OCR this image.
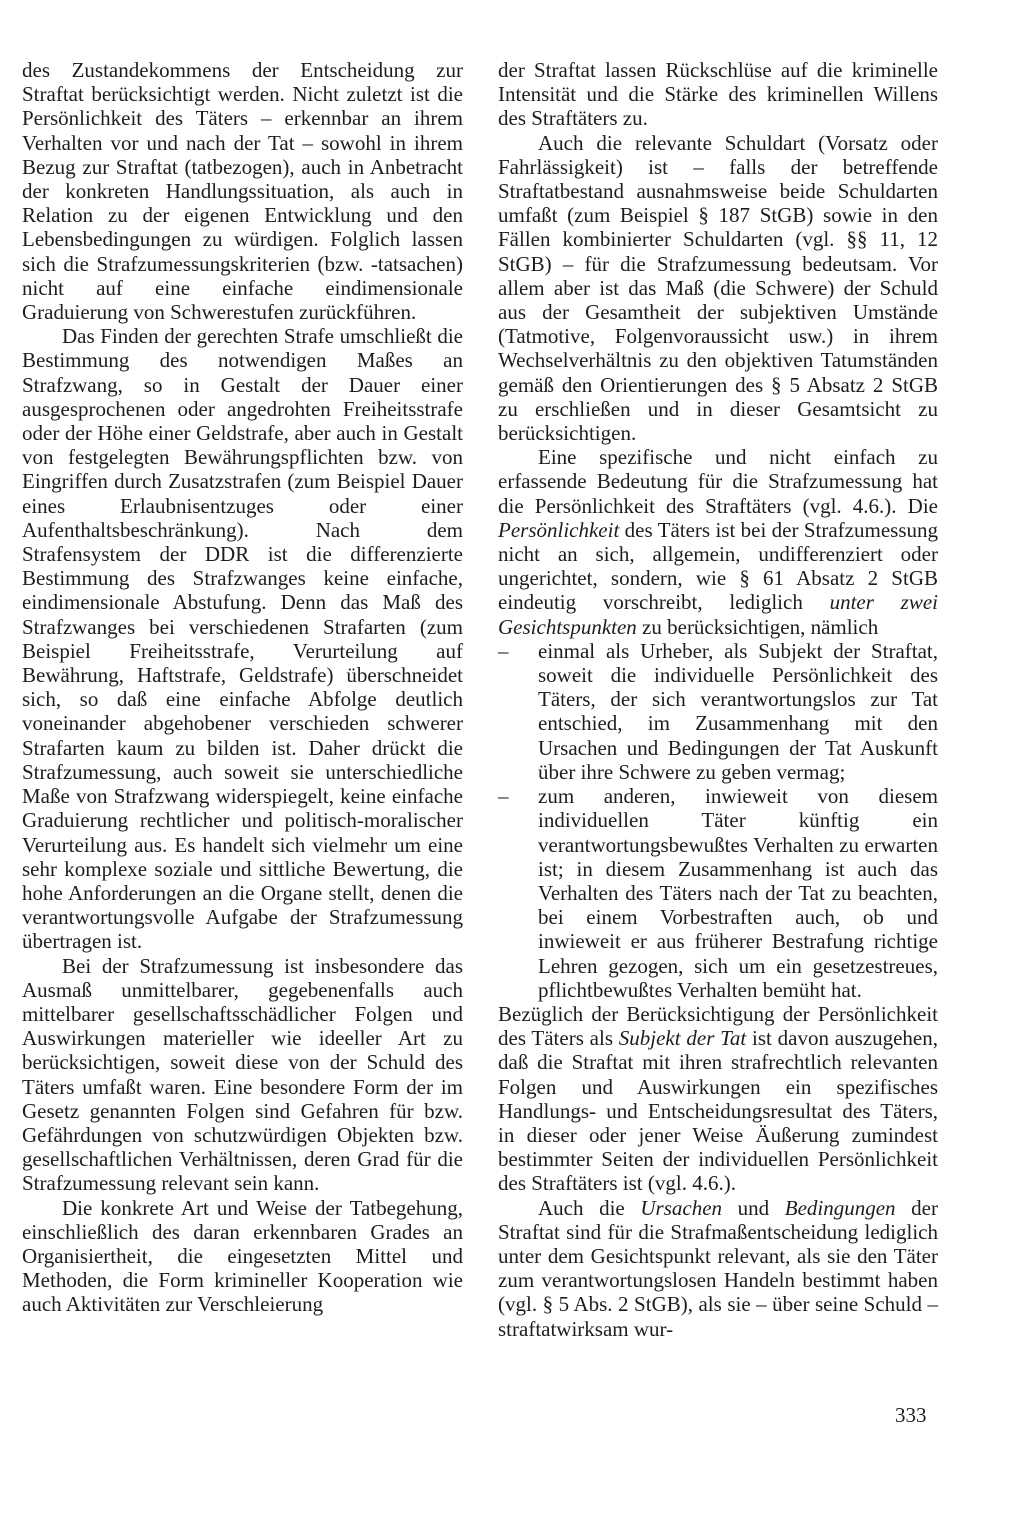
des Zustandekommens der Entscheidung zur Straftat berücksichtigt werden. Nicht zuletzt ist die Persönlichkeit des Täters – erkennbar an ihrem Verhalten vor und nach der Tat – sowohl in ihrem Bezug zur Straftat (tatbezogen), auch in Anbetracht der konkreten Handlungssituation, als auch in Relation zu der eigenen Entwicklung und den Lebensbedingungen zu würdigen. Folglich lassen sich die Strafzumessungskriterien (bzw. -tatsachen) nicht auf eine einfache eindimensionale Graduierung von Schwerestufen zurückführen.

Das Finden der gerechten Strafe umschließt die Bestimmung des notwendigen Maßes an Strafzwang, so in Gestalt der Dauer einer ausgesprochenen oder angedrohten Freiheitsstrafe oder der Höhe einer Geldstrafe, aber auch in Gestalt von festgelegten Bewährungspflichten bzw. von Eingriffen durch Zusatzstrafen (zum Beispiel Dauer eines Erlaubnisentzuges oder einer Aufenthaltsbeschränkung). Nach dem Strafensystem der DDR ist die differenzierte Bestimmung des Strafzwanges keine einfache, eindimensionale Abstufung. Denn das Maß des Strafzwanges bei verschiedenen Strafarten (zum Beispiel Freiheitsstrafe, Verurteilung auf Bewährung, Haftstrafe, Geldstrafe) überschneidet sich, so daß eine einfache Abfolge deutlich voneinander abgehobener verschieden schwerer Strafarten kaum zu bilden ist. Daher drückt die Strafzumessung, auch soweit sie unterschiedliche Maße von Strafzwang widerspiegelt, keine einfache Graduierung rechtlicher und politisch-moralischer Verurteilung aus. Es handelt sich vielmehr um eine sehr komplexe soziale und sittliche Bewertung, die hohe Anforderungen an die Organe stellt, denen die verantwortungsvolle Aufgabe der Strafzumessung übertragen ist.

Bei der Strafzumessung ist insbesondere das Ausmaß unmittelbarer, gegebenenfalls auch mittelbarer gesellschaftsschädlicher Folgen und Auswirkungen materieller wie ideeller Art zu berücksichtigen, soweit diese von der Schuld des Täters umfaßt waren. Eine besondere Form der im Gesetz genannten Folgen sind Gefahren für bzw. Gefährdungen von schutzwürdigen Objekten bzw. gesellschaftlichen Verhältnissen, deren Grad für die Strafzumessung relevant sein kann.

Die konkrete Art und Weise der Tatbegehung, einschließlich des daran erkennbaren Grades an Organisiertheit, die eingesetzten Mittel und Methoden, die Form krimineller Kooperation wie auch Aktivitäten zur Verschleierung

der Straftat lassen Rückschlüse auf die kriminelle Intensität und die Stärke des kriminellen Willens des Straftäters zu.

Auch die relevante Schuldart (Vorsatz oder Fahrlässigkeit) ist – falls der betreffende Straftatbestand ausnahmsweise beide Schuldarten umfaßt (zum Beispiel § 187 StGB) sowie in den Fällen kombinierter Schuldarten (vgl. §§ 11, 12 StGB) – für die Strafzumessung bedeutsam. Vor allem aber ist das Maß (die Schwere) der Schuld aus der Gesamtheit der subjektiven Umstände (Tatmotive, Folgenvoraussicht usw.) in ihrem Wechselverhältnis zu den objektiven Tatumständen gemäß den Orientierungen des § 5 Absatz 2 StGB zu erschließen und in dieser Gesamtsicht zu berücksichtigen.

Eine spezifische und nicht einfach zu erfassende Bedeutung für die Strafzumessung hat die Persönlichkeit des Straftäters (vgl. 4.6.). Die Persönlichkeit des Täters ist bei der Strafzumessung nicht an sich, allgemein, undifferenziert oder ungerichtet, sondern, wie § 61 Absatz 2 StGB eindeutig vorschreibt, lediglich unter zwei Gesichtspunkten zu berücksichtigen, nämlich

–	einmal als Urheber, als Subjekt der Straftat, soweit die individuelle Persönlichkeit des Täters, der sich verantwortungslos zur Tat entschied, im Zusammenhang mit den Ursachen und Bedingungen der Tat Auskunft über ihre Schwere zu geben vermag;
–	zum anderen, inwieweit von diesem individuellen Täter künftig ein verantwortungsbewußtes Verhalten zu erwarten ist; in diesem Zusammenhang ist auch das Verhalten des Täters nach der Tat zu beachten, bei einem Vorbestraften auch, ob und inwieweit er aus früherer Bestrafung richtige Lehren gezogen, sich um ein gesetzestreues, pflichtbewußtes Verhalten bemüht hat.

Bezüglich der Berücksichtigung der Persönlichkeit des Täters als Subjekt der Tat ist davon auszugehen, daß die Straftat mit ihren strafrechtlich relevanten Folgen und Auswirkungen ein spezifisches Handlungs- und Entscheidungsresultat des Täters, in dieser oder jener Weise Äußerung zumindest bestimmter Seiten der individuellen Persönlichkeit des Straftäters ist (vgl. 4.6.).

Auch die Ursachen und Bedingungen der Straftat sind für die Strafmaßentscheidung lediglich unter dem Gesichtspunkt relevant, als sie den Täter zum verantwortungslosen Handeln bestimmt haben (vgl. § 5 Abs. 2 StGB), als sie – über seine Schuld – straftatwirksam wur-

333
